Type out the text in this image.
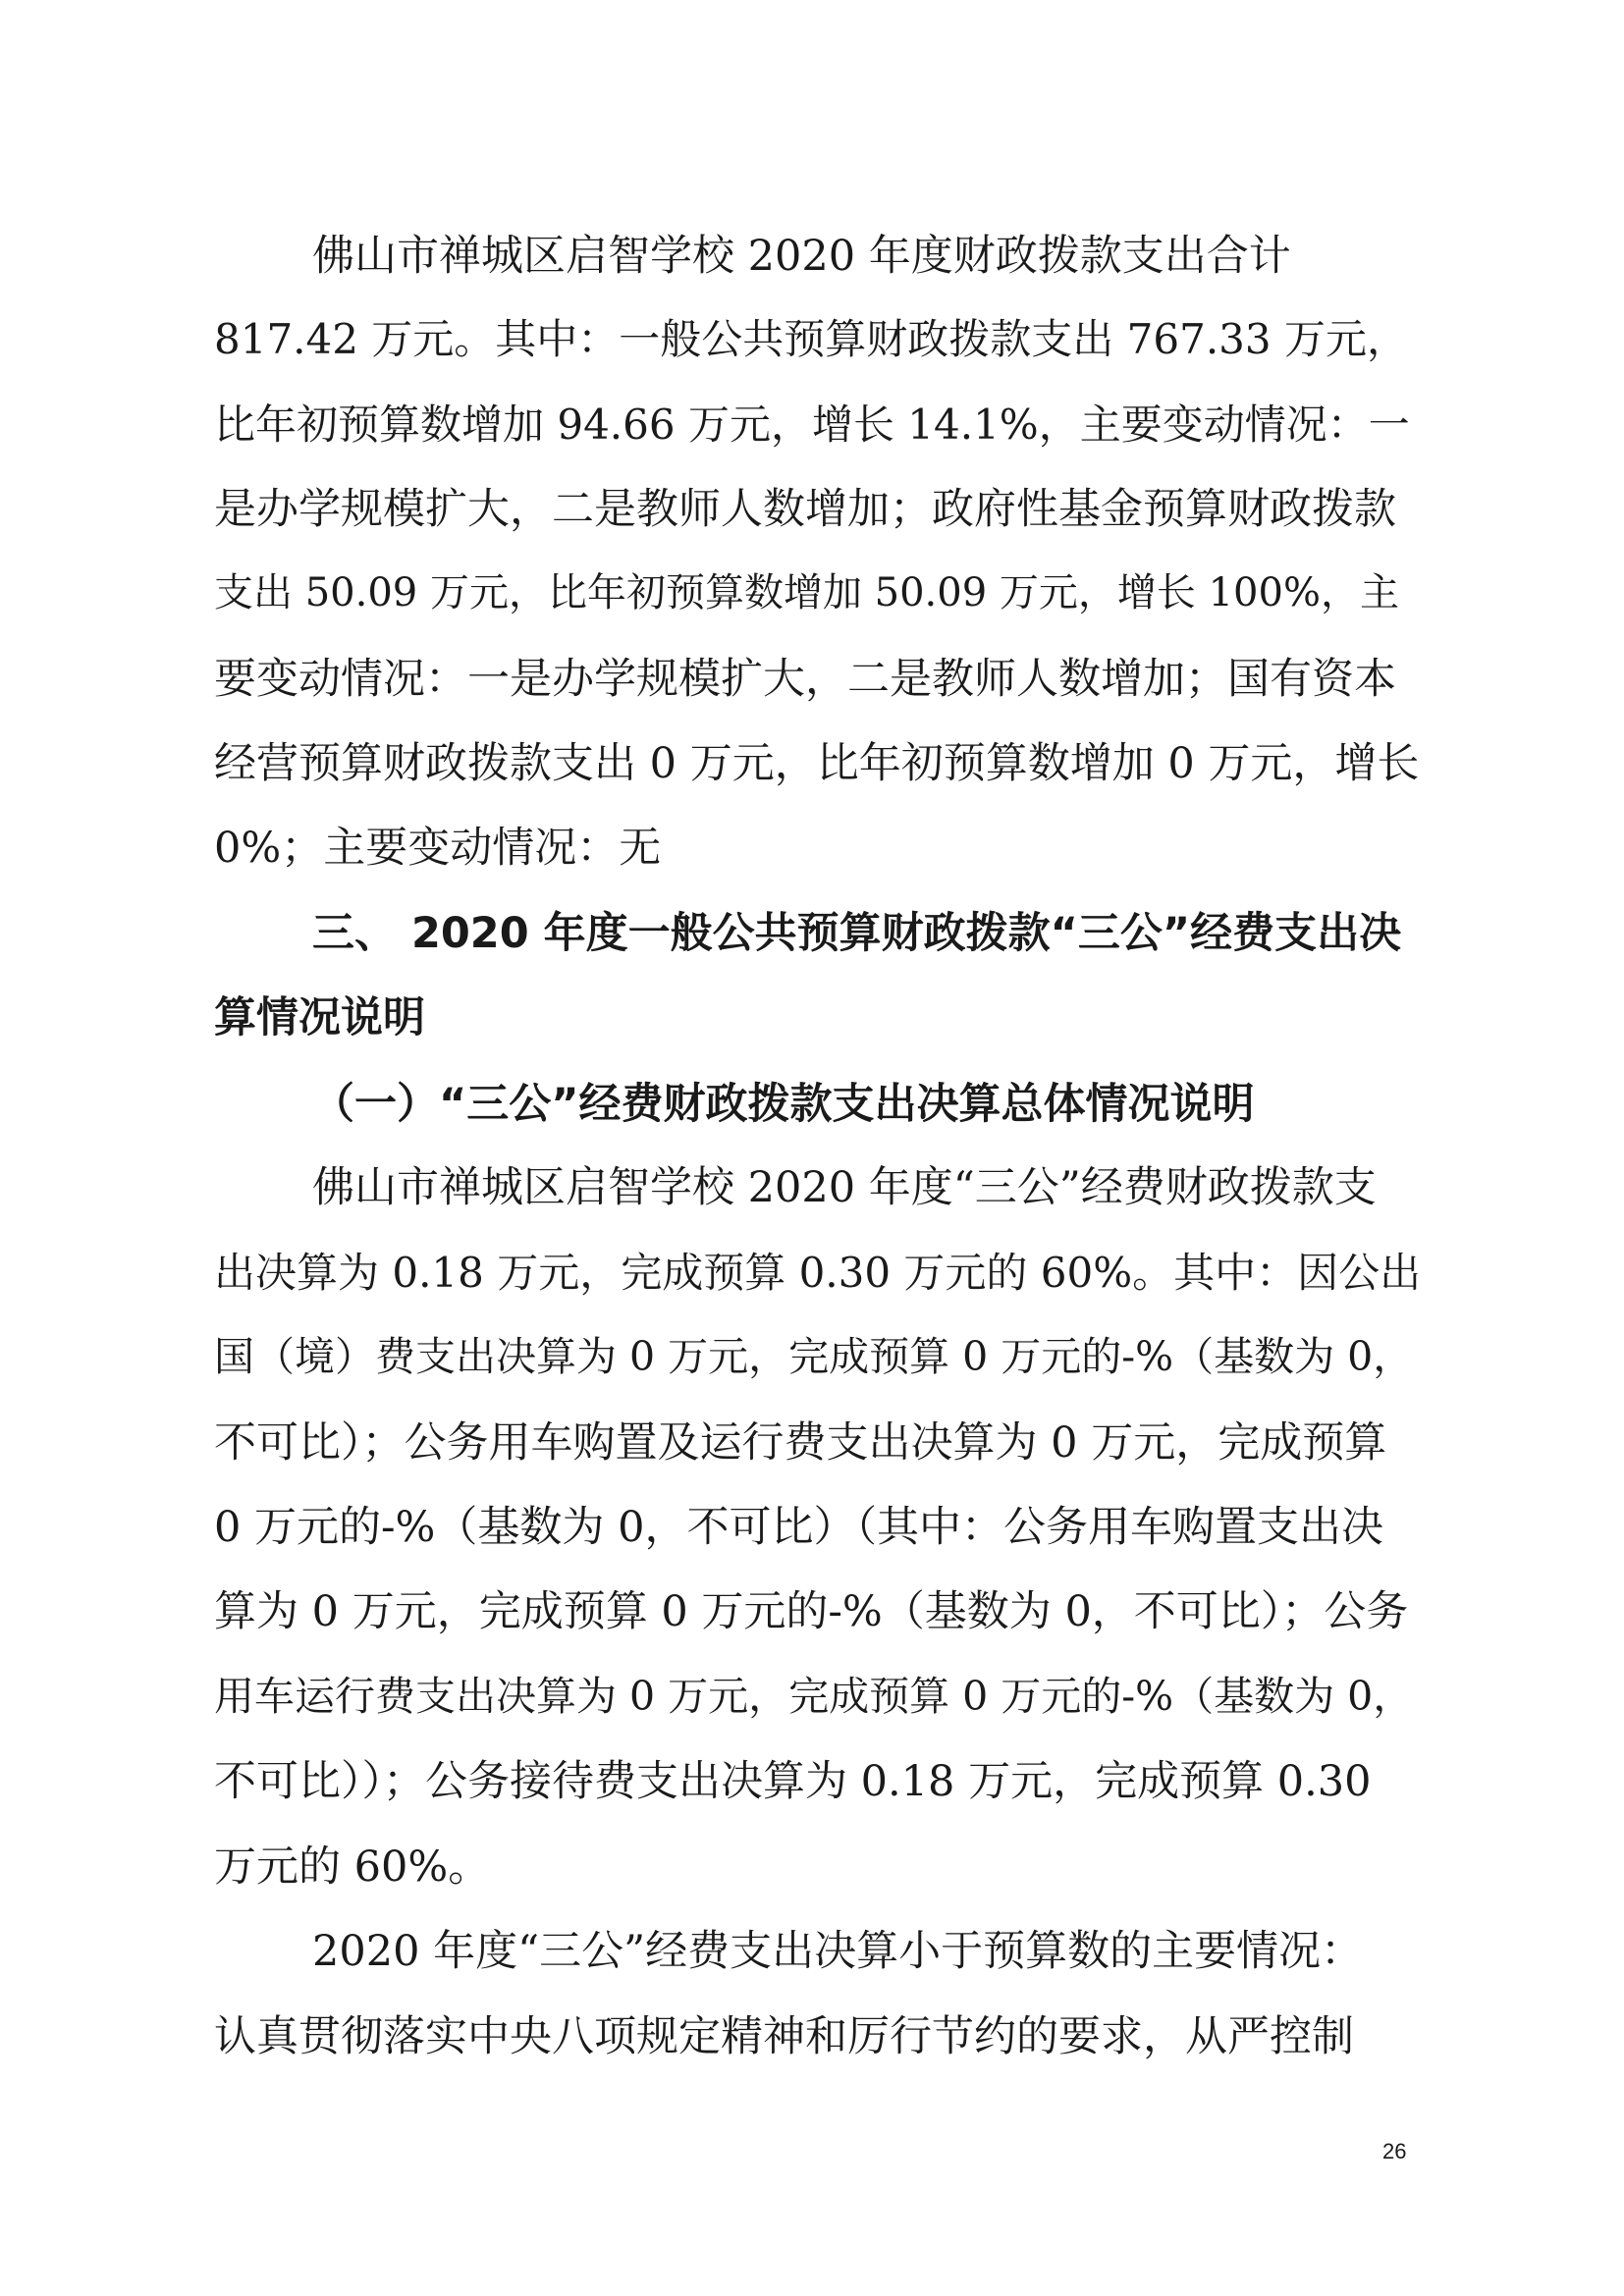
佛山市禅城区启智学校 2020 年度财政拨款支出合计
817.42 万元。其中：一般公共预算财政拨款支出 767.33 万元，
比年初预算数增加 94.66 万元，增长 14.1%，主要变动情况：一
是办学规模扩大，二是教师人数增加；政府性基金预算财政拨款
支出 50.09 万元，比年初预算数增加 50.09 万元，增长 100%，主
要变动情况：一是办学规模扩大，二是教师人数增加；国有资本
经营预算财政拨款支出 0 万元，比年初预算数增加 0 万元，增长
0%；主要变动情况：无
三、 2020 年度一般公共预算财政拨款“三公”经费支出决
算情况说明
（一）“三公”经费财政拨款支出决算总体情况说明
佛山市禅城区启智学校 2020 年度“三公”经费财政拨款支
出决算为 0.18 万元，完成预算 0.30 万元的 60%。其中：因公出
国（境）费支出决算为 0 万元，完成预算 0 万元的-%（基数为 0，
不可比）；公务用车购置及运行费支出决算为 0 万元，完成预算
0 万元的-%（基数为 0，不可比）（其中：公务用车购置支出决
算为 0 万元，完成预算 0 万元的-%（基数为 0，不可比）；公务
用车运行费支出决算为 0 万元，完成预算 0 万元的-%（基数为 0，
不可比））；公务接待费支出决算为 0.18 万元，完成预算 0.30
万元的 60%。
2020 年度“三公”经费支出决算小于预算数的主要情况：
认真贯彻落实中央八项规定精神和厉行节约的要求，从严控制
26
